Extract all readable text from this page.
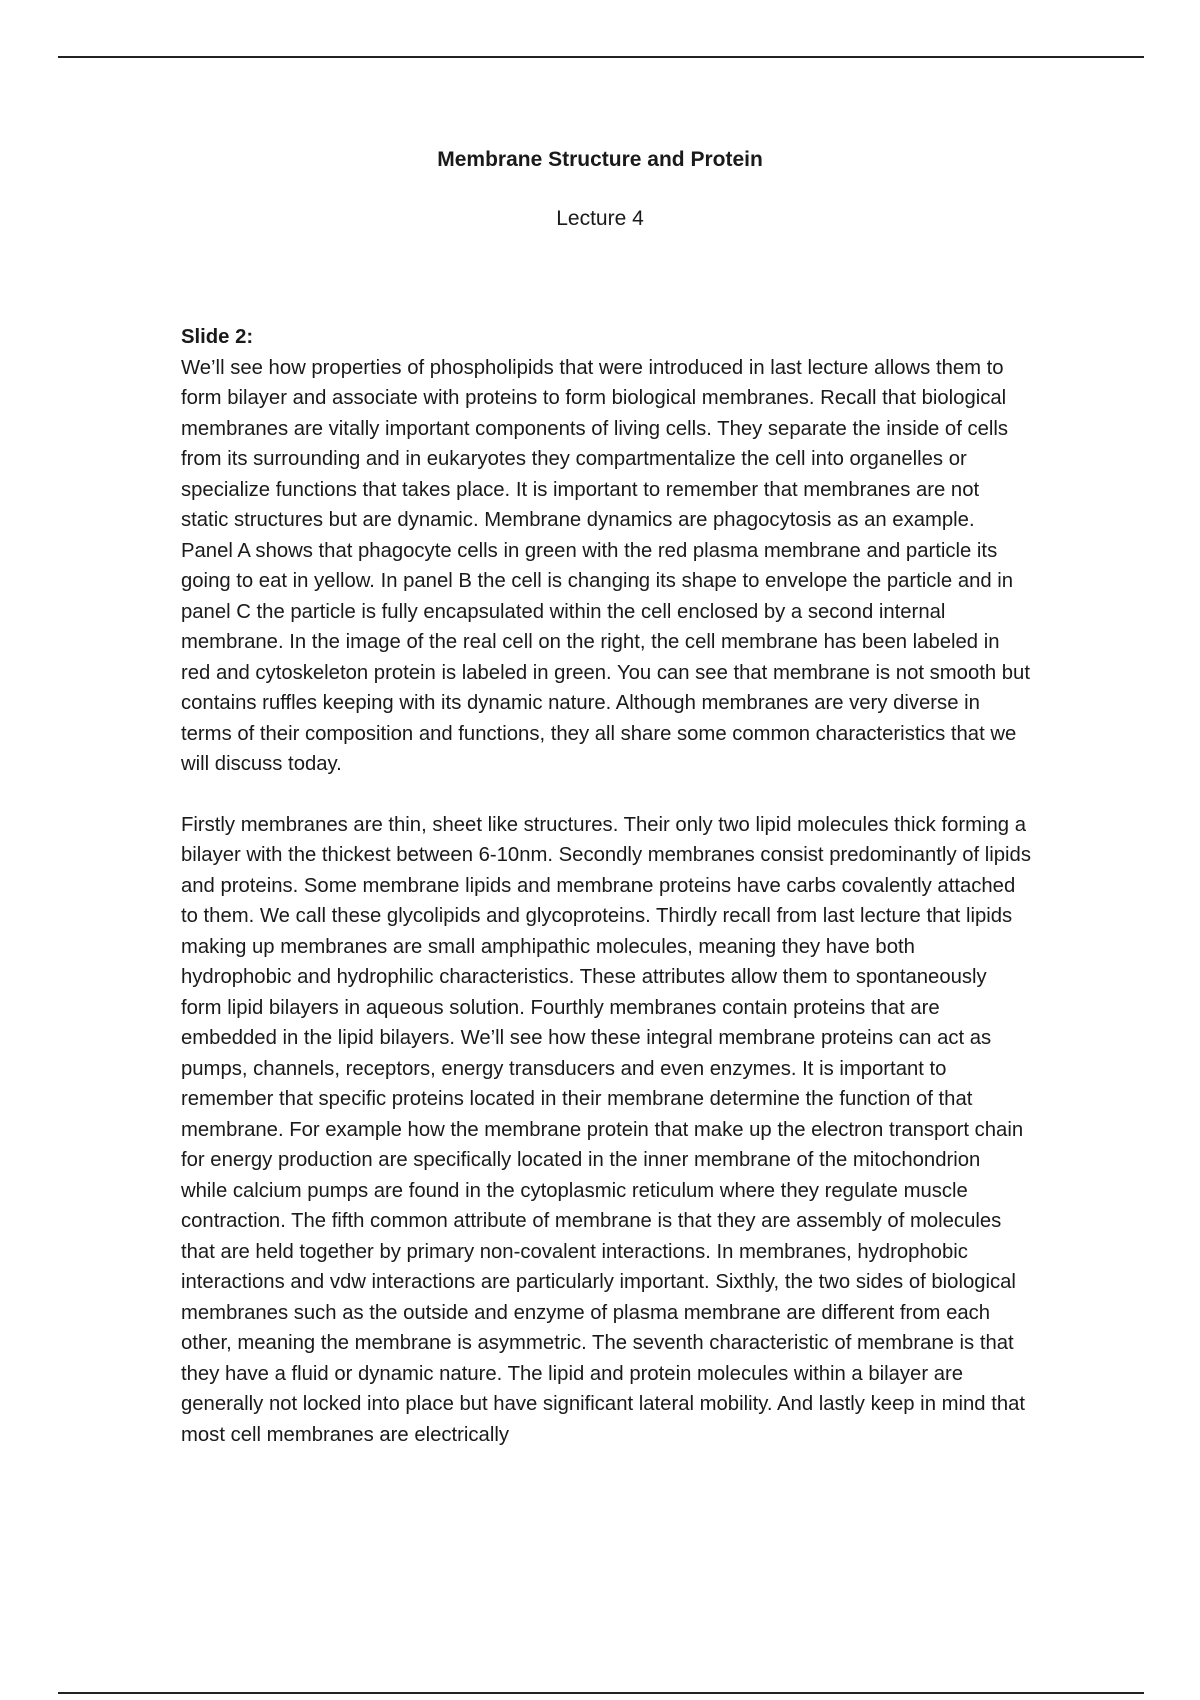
Membrane Structure and Protein
Lecture 4

Slide 2:

We’ll see how properties of phospholipids that were introduced in last lecture allows them to form bilayer and associate with proteins to form biological membranes. Recall that biological membranes are vitally important components of living cells. They separate the inside of cells from its surrounding and in eukaryotes they compartmentalize the cell into organelles or specialize functions that takes place. It is important to remember that membranes are not static structures but are dynamic. Membrane dynamics are phagocytosis as an example. Panel A shows that phagocyte cells in green with the red plasma membrane and particle its going to eat in yellow. In panel B the cell is changing its shape to envelope the particle and in panel C the particle is fully encapsulated within the cell enclosed by a second internal membrane. In the image of the real cell on the right, the cell membrane has been labeled in red and cytoskeleton protein is labeled in green. You can see that membrane is not smooth but contains ruffles keeping with its dynamic nature. Although membranes are very diverse in terms of their composition and functions, they all share some common characteristics that we will discuss today.

Firstly membranes are thin, sheet like structures. Their only two lipid molecules thick forming a bilayer with the thickest between 6-10nm. Secondly membranes consist predominantly of lipids and proteins. Some membrane lipids and membrane proteins have carbs covalently attached to them. We call these glycolipids and glycoproteins. Thirdly recall from last lecture that lipids making up membranes are small amphipathic molecules, meaning they have both hydrophobic and hydrophilic characteristics. These attributes allow them to spontaneously form lipid bilayers in aqueous solution. Fourthly membranes contain proteins that are embedded in the lipid bilayers. We’ll see how these integral membrane proteins can act as pumps, channels, receptors, energy transducers and even enzymes. It is important to remember that specific proteins located in their membrane determine the function of that membrane. For example how the membrane protein that make up the electron transport chain for energy production are specifically located in the inner membrane of the mitochondrion while calcium pumps are found in the cytoplasmic reticulum where they regulate muscle contraction. The fifth common attribute of membrane is that they are assembly of molecules that are held together by primary non-covalent interactions. In membranes, hydrophobic interactions and vdw interactions are particularly important. Sixthly, the two sides of biological membranes such as the outside and enzyme of plasma membrane are different from each other, meaning the membrane is asymmetric. The seventh characteristic of membrane is that they have a fluid or dynamic nature. The lipid and protein molecules within a bilayer are generally not locked into place but have significant lateral mobility. And lastly keep in mind that most cell membranes are electrically
